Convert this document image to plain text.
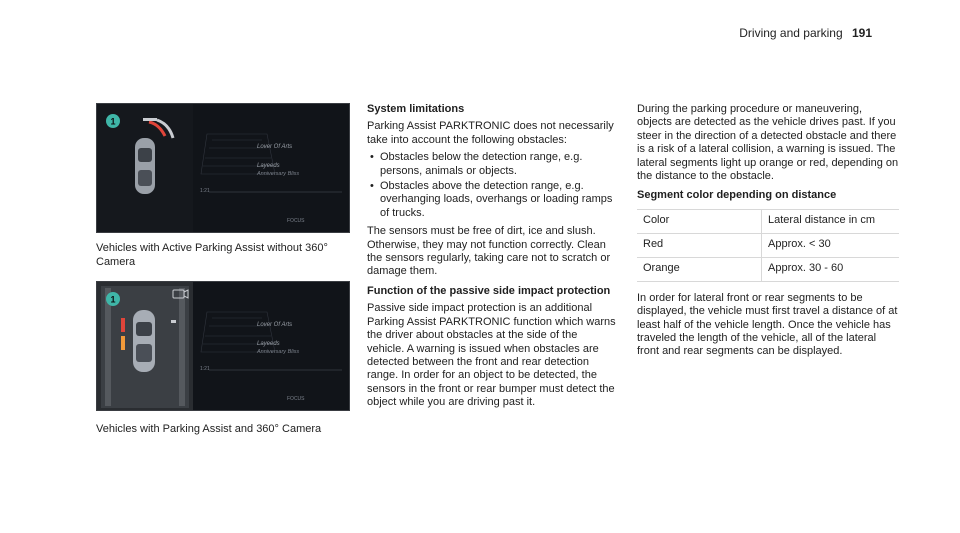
Driving and parking 191
1
Lover Of Arts
Layeeds
Anniversary Bliss
1:21
FOCUS
Vehicles with Active Parking Assist without 360° Camera
1
Lover Of Arts
Layeeds
Anniversary Bliss
1:21
FOCUS
Vehicles with Parking Assist and 360° Camera
System limitations

Parking Assist PARKTRONIC does not necessarily take into account the following obstacles:

• Obstacles below the detection range, e.g. persons, animals or objects.
• Obstacles above the detection range, e.g. overhanging loads, overhangs or loading ramps of trucks.

The sensors must be free of dirt, ice and slush. Otherwise, they may not function correctly. Clean the sensors regularly, taking care not to scratch or damage them.

Function of the passive side impact protection

Passive side impact protection is an additional Parking Assist PARKTRONIC function which warns the driver about obstacles at the side of the vehicle. A warning is issued when obstacles are detected between the front and rear detection range. In order for an object to be detected, the sensors in the front or rear bumper must detect the object while you are driving past it.

During the parking procedure or maneuvering, objects are detected as the vehicle drives past. If you steer in the direction of a detected obstacle and there is a risk of a lateral collision, a warning is issued. The lateral segments light up orange or red, depending on the distance to the obstacle.

Segment color depending on distance
Color	Lateral distance in cm
Red	Approx. < 30
Orange	Approx. 30 - 60

In order for lateral front or rear segments to be displayed, the vehicle must first travel a distance of at least half of the vehicle length. Once the vehicle has traveled the length of the vehicle, all of the lateral front and rear segments can be displayed.
